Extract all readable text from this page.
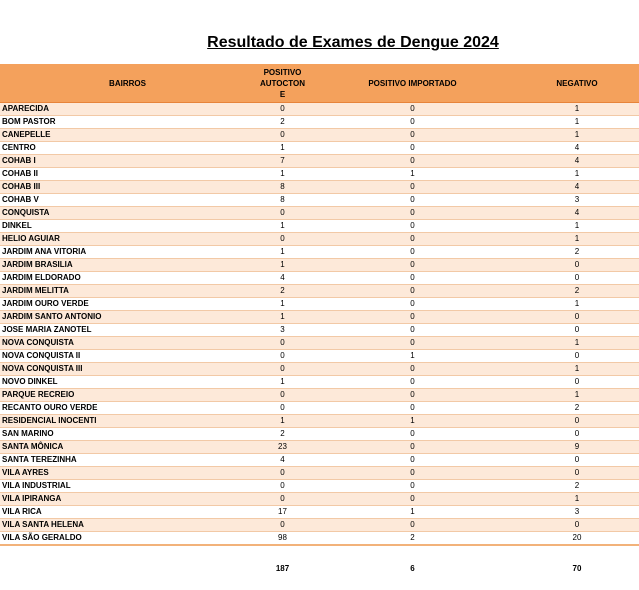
Resultado de Exames de Dengue 2024
BAIRROS	POSITIVO
AUTOCTON
E	POSITIVO IMPORTADO	NEGATIVO
APARECIDA	0	0	1
BOM PASTOR	2	0	1
CANEPELLE	0	0	1
CENTRO	1	0	4
COHAB I	7	0	4
COHAB II	1	1	1
COHAB III	8	0	4
COHAB V	8	0	3
CONQUISTA	0	0	4
DINKEL	1	0	1
HELIO AGUIAR	0	0	1
JARDIM ANA VITORIA	1	0	2
JARDIM BRASILIA	1	0	0
JARDIM ELDORADO	4	0	0
JARDIM MELITTA	2	0	2
JARDIM OURO VERDE	1	0	1
JARDIM SANTO ANTONIO	1	0	0
JOSE MARIA ZANOTEL	3	0	0
NOVA CONQUISTA	0	0	1
NOVA CONQUISTA II	0	1	0
NOVA CONQUISTA III	0	0	1
NOVO DINKEL	1	0	0
PARQUE RECREIO	0	0	1
RECANTO OURO VERDE	0	0	2
RESIDENCIAL INOCENTI	1	1	0
SAN MARINO	2	0	0
SANTA MÔNICA	23	0	9
SANTA TEREZINHA	4	0	0
VILA AYRES	0	0	0
VILA INDUSTRIAL	0	0	2
VILA IPIRANGA	0	0	1
VILA RICA	17	1	3
VILA SANTA HELENA	0	0	0
VILA SÃO GERALDO	98	2	20
	187	6	70
